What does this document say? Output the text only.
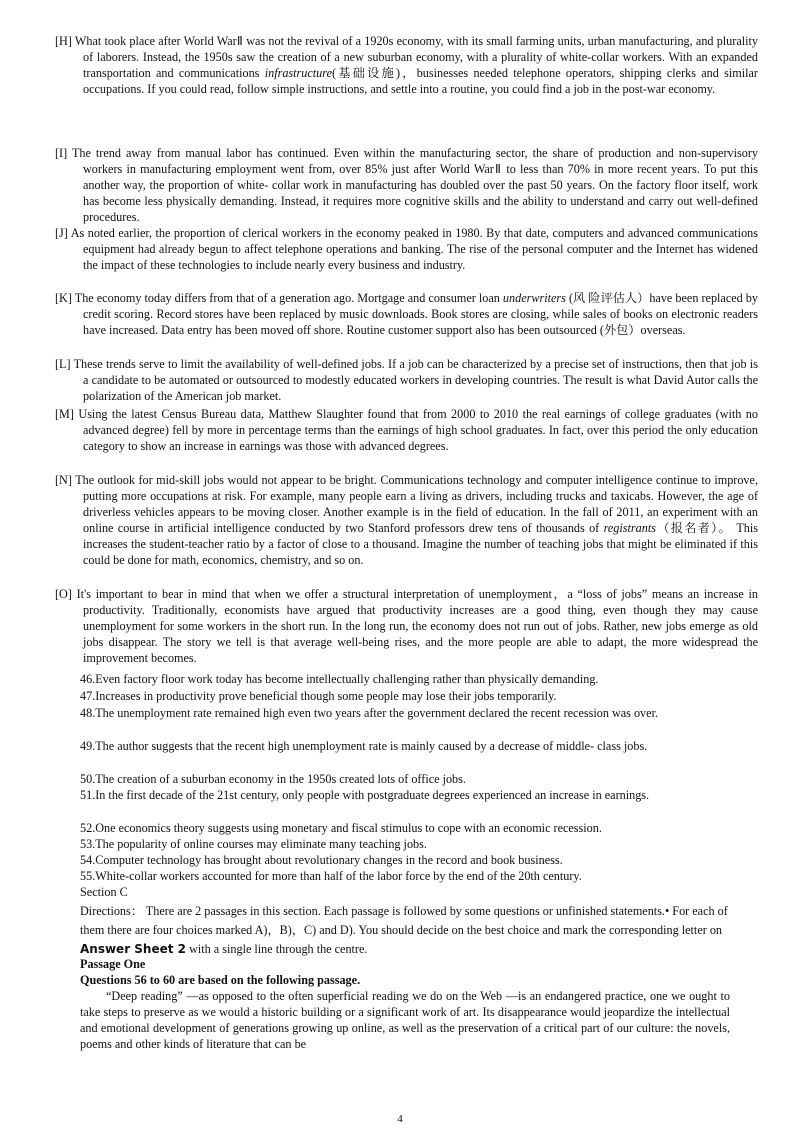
[H] What took place after World WarⅡ was not the revival of a 1920s economy, with its small farming units, urban manufacturing, and plurality of laborers. Instead, the 1950s saw the creation of a new suburban economy, with a plurality of white-collar workers. With an expanded transportation and communications infrastructure(基础设施)，businesses needed telephone operators, shipping clerks and similar occupations. If you could read, follow simple instructions, and settle into a routine, you could find a job in the post-war economy.

[I] The trend away from manual labor has continued. Even within the manufacturing sector, the share of production and non-supervisory workers in manufacturing employment went from, over 85% just after World WarⅡ to less than 70% in more recent years. To put this another way, the proportion of white- collar work in manufacturing has doubled over the past 50 years. On the factory floor itself, work has become less physically demanding. Instead, it requires more cognitive skills and the ability to understand and carry out well-defined procedures.

[J] As noted earlier, the proportion of clerical workers in the economy peaked in 1980. By that date, computers and advanced communications equipment had already begun to affect telephone operations and banking. The rise of the personal computer and the Internet has widened the impact of these technologies to include nearly every business and industry.

[K] The economy today differs from that of a generation ago. Mortgage and consumer loan underwriters (风 险评估人）have been replaced by credit scoring. Record stores have been replaced by music downloads. Book stores are closing, while sales of books on electronic readers have increased. Data entry has been moved off shore. Routine customer support also has been outsourced (外包）overseas.

[L] These trends serve to limit the availability of well-defined jobs. If a job can be characterized by a precise set of instructions, then that job is a candidate to be automated or outsourced to modestly educated workers in developing countries. The result is what David Autor calls the polarization of the American job market.

[M] Using the latest Census Bureau data, Matthew Slaughter found that from 2000 to 2010 the real earnings of college graduates (with no advanced degree) fell by more in percentage terms than the earnings of high school graduates. In fact, over this period the only education category to show an increase in earnings was those with advanced degrees.

[N] The outlook for mid-skill jobs would not appear to be bright. Communications technology and computer intelligence continue to improve, putting more occupations at risk. For example, many people earn a living as drivers, including trucks and taxicabs. However, the age of driverless vehicles appears to be moving closer. Another example is in the field of education. In the fall of 2011, an experiment with an online course in artificial intelligence conducted by two Stanford professors drew tens of thousands of registrants（报名者）。 This increases the student-teacher ratio by a factor of close to a thousand. Imagine the number of teaching jobs that might be eliminated if this could be done for math, economics, chemistry, and so on.

[O] It's important to bear in mind that when we offer a structural interpretation of unemployment，a “loss of jobs” means an increase in productivity. Traditionally, economists have argued that productivity increases are a good thing, even though they may cause unemployment for some workers in the short run. In the long run, the economy does not run out of jobs. Rather, new jobs emerge as old jobs disappear. The story we tell is that average well-being rises, and the more people are able to adapt, the more widespread the improvement becomes.

46.Even factory floor work today has become intellectually challenging rather than physically demanding.

47.Increases in productivity prove beneficial though some people may lose their jobs temporarily.

48.The unemployment rate remained high even two years after the government declared the recent recession was over.

49.The author suggests that the recent high unemployment rate is mainly caused by a decrease of middle- class jobs.

50.The creation of a suburban economy in the 1950s created lots of office jobs.

51.In the first decade of the 21st century, only people with postgraduate degrees experienced an increase in earnings.

52.One economics theory suggests using monetary and fiscal stimulus to cope with an economic recession.

53.The popularity of online courses may eliminate many teaching jobs.

54.Computer technology has brought about revolutionary changes in the record and book business.

55.White-collar workers accounted for more than half of the labor force by the end of the 20th century.

Section C

Directions： There are 2 passages in this section. Each passage is followed by some questions or unfinished statements.• For each of them there are four choices marked A)，B)，C) and D). You should decide on the best choice and mark the corresponding letter on Answer Sheet 2 with a single line through the centre.

Passage One

Questions 56 to 60 are based on the following passage.

“Deep reading” —as opposed to the often superficial reading we do on the Web —is an endangered practice, one we ought to take steps to preserve as we would a historic building or a significant work of art. Its disappearance would jeopardize the intellectual and emotional development of generations growing up online, as well as the preservation of a critical part of our culture: the novels, poems and other kinds of literature that can be

4
